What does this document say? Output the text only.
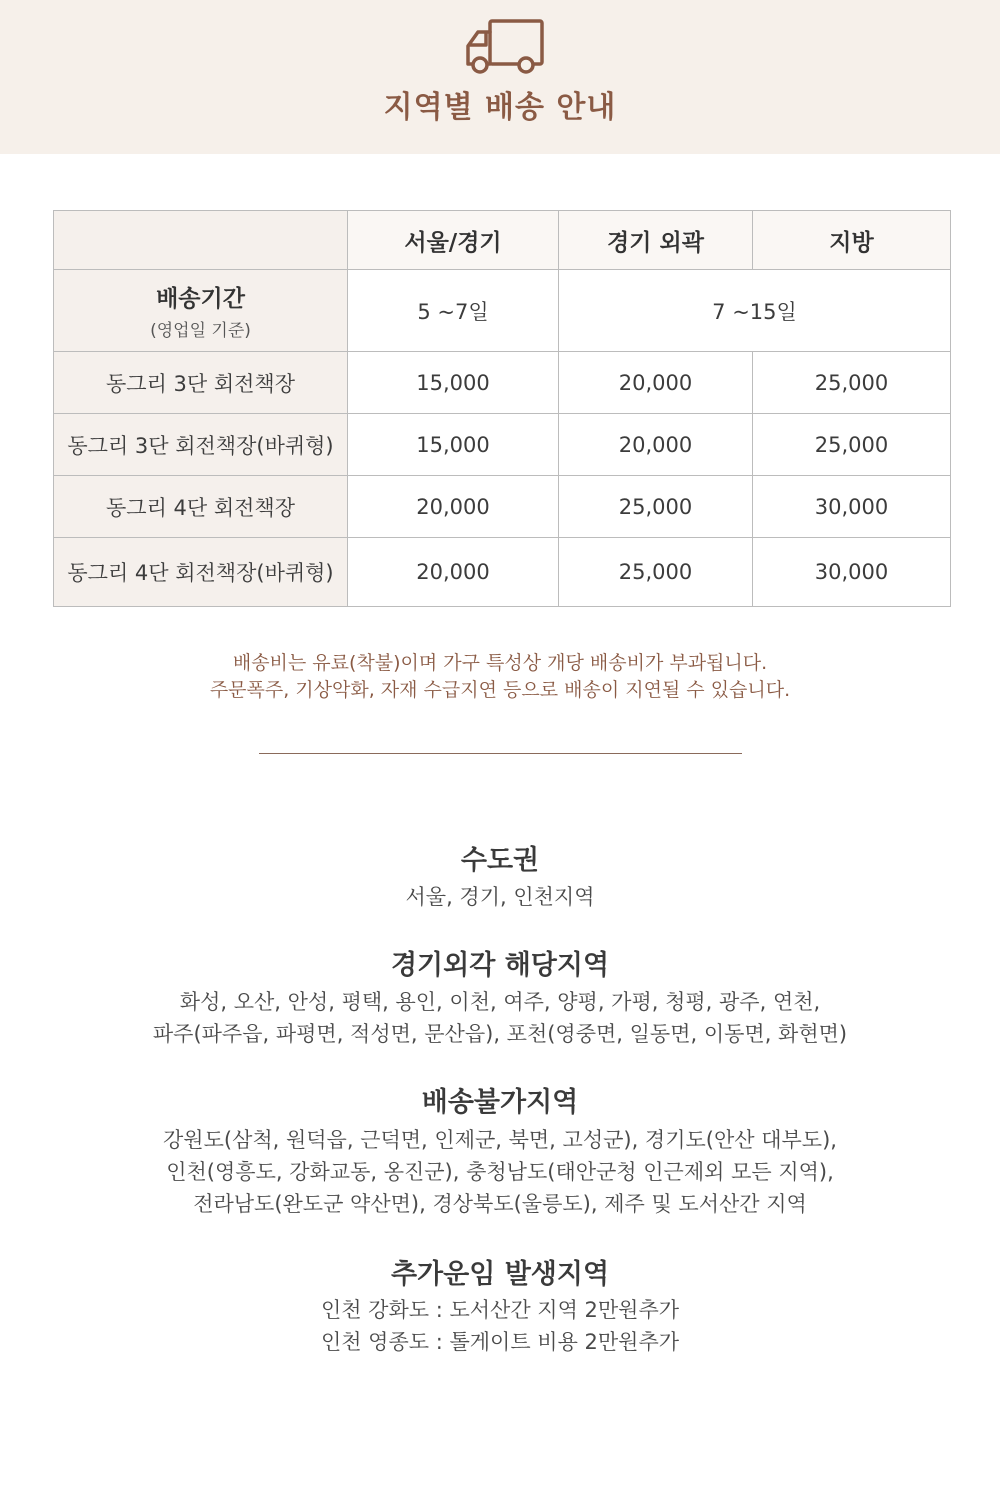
지역별 배송 안내
	서울/경기	경기 외곽	지방

배송기간
(영업일 기준)	5 ~7일	7 ~15일	
동그리 3단 회전책장	15,000	20,000	25,000
동그리 3단 회전책장(바퀴형)	15,000	20,000	25,000
동그리 4단 회전책장	20,000	25,000	30,000
동그리 4단 회전책장(바퀴형)	20,000	25,000	30,000
배송비는 유료(착불)이며 가구 특성상 개당 배송비가 부과됩니다.
주문폭주, 기상악화, 자재 수급지연 등으로 배송이 지연될 수 있습니다.
수도권
서울, 경기, 인천지역
경기외각 해당지역
화성, 오산, 안성, 평택, 용인, 이천, 여주, 양평, 가평, 청평, 광주, 연천,
파주(파주읍, 파평면, 적성면, 문산읍), 포천(영중면, 일동면, 이동면, 화현면)
배송불가지역
강원도(삼척, 원덕읍, 근덕면, 인제군, 북면, 고성군), 경기도(안산 대부도),
인천(영흥도, 강화교동, 옹진군), 충청남도(태안군청 인근제외 모든 지역),
전라남도(완도군 약산면), 경상북도(울릉도), 제주 및 도서산간 지역
추가운임 발생지역
인천 강화도 : 도서산간 지역 2만원추가
인천 영종도 : 톨게이트 비용 2만원추가
